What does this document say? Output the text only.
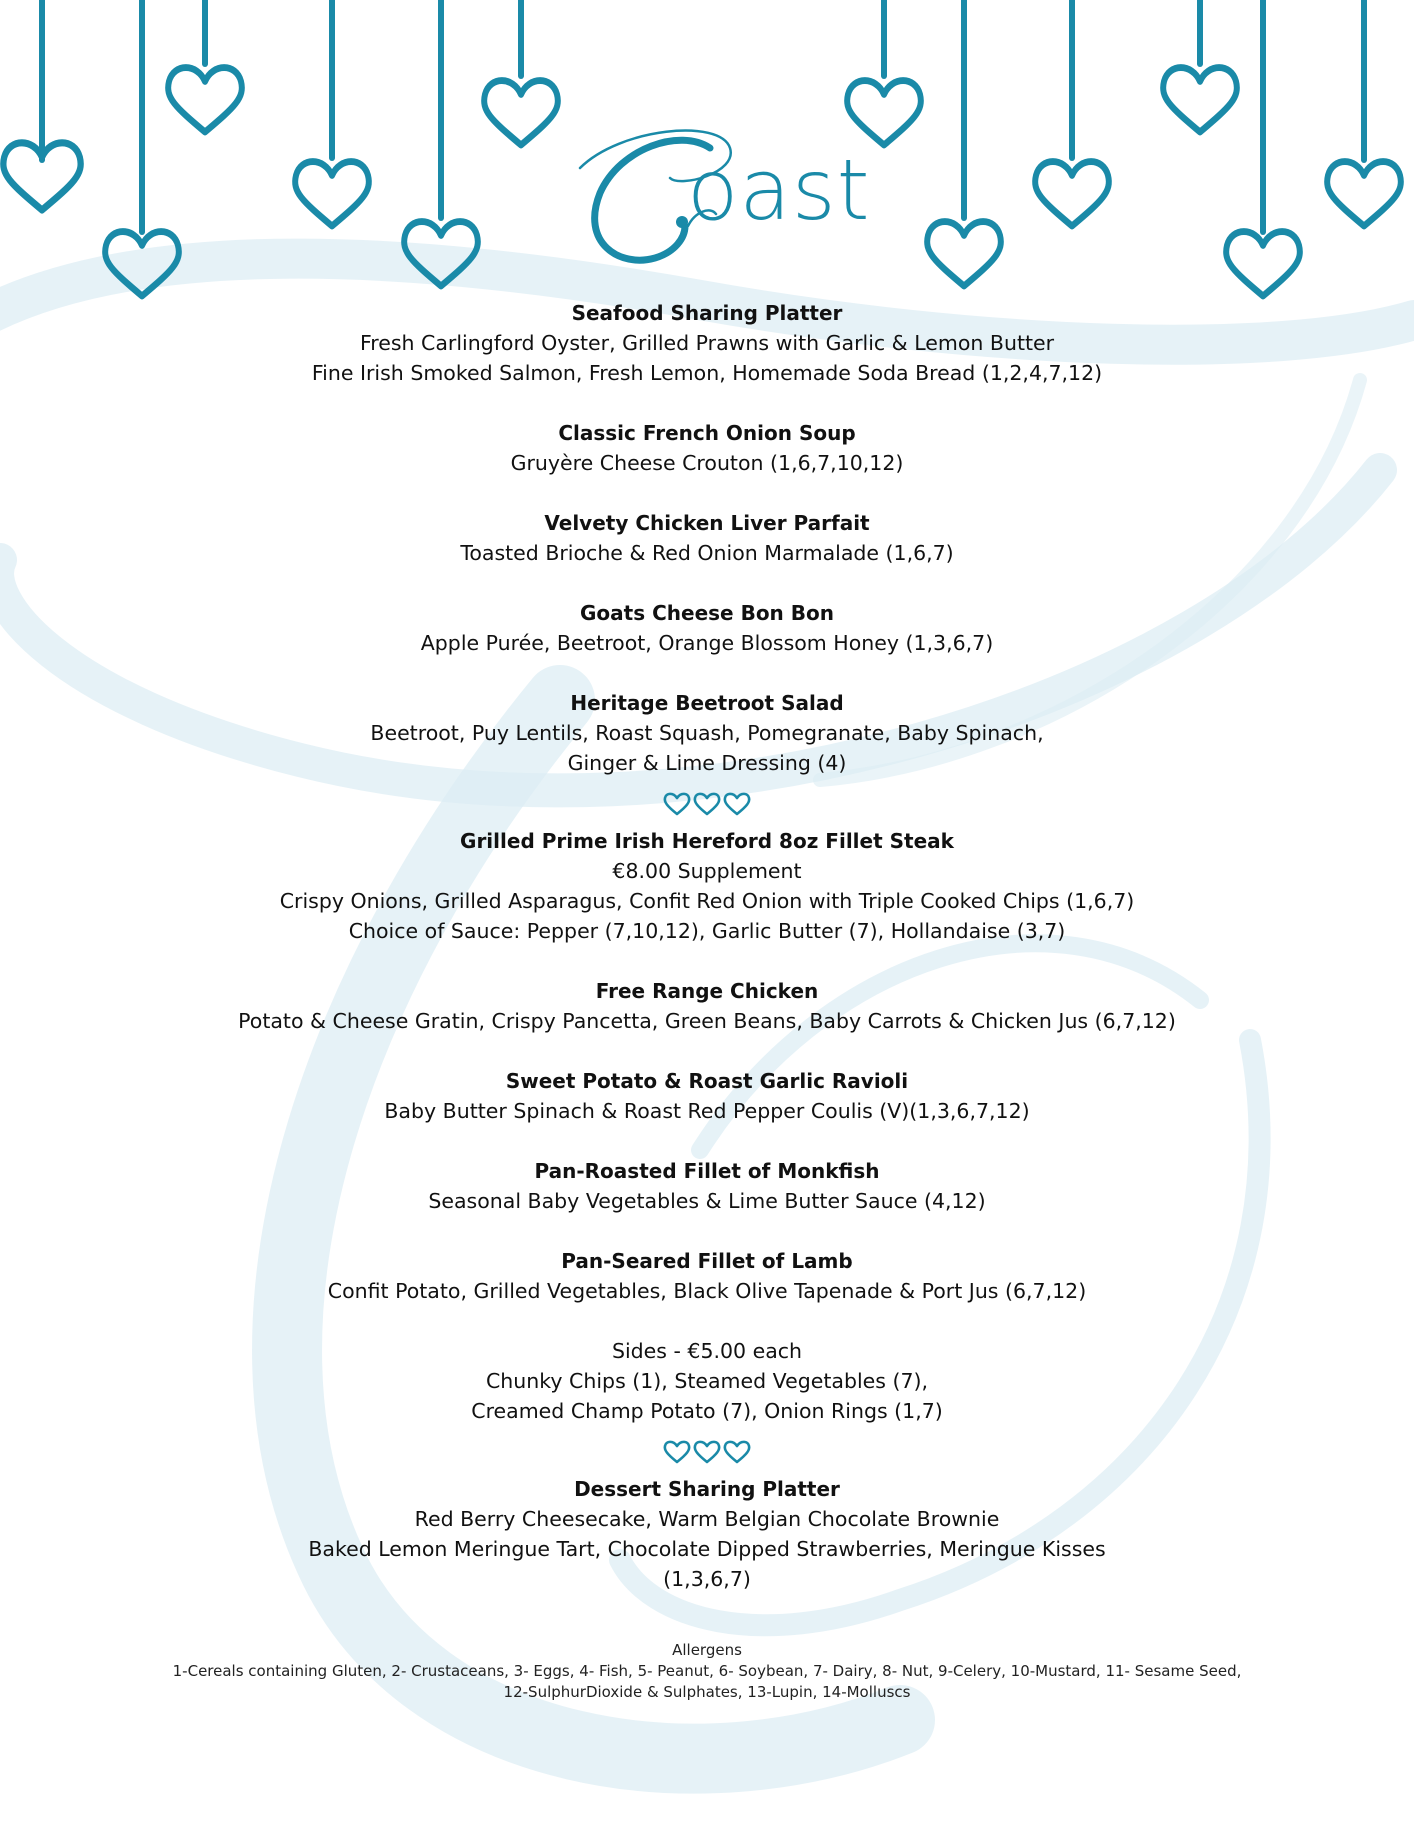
oast
Seafood Sharing Platter
Fresh Carlingford Oyster, Grilled Prawns with Garlic & Lemon Butter
Fine Irish Smoked Salmon, Fresh Lemon, Homemade Soda Bread (1,2,4,7,12)
Classic French Onion Soup
Gruyère Cheese Crouton (1,6,7,10,12)
Velvety Chicken Liver Parfait
Toasted Brioche & Red Onion Marmalade (1,6,7)
Goats Cheese Bon Bon
Apple Purée, Beetroot, Orange Blossom Honey (1,3,6,7)
Heritage Beetroot Salad
Beetroot, Puy Lentils, Roast Squash, Pomegranate, Baby Spinach,
Ginger & Lime Dressing (4)
Grilled Prime Irish Hereford 8oz Fillet Steak
€8.00 Supplement
Crispy Onions, Grilled Asparagus, Confit Red Onion with Triple Cooked Chips (1,6,7)
Choice of Sauce: Pepper (7,10,12), Garlic Butter (7), Hollandaise (3,7)
Free Range Chicken
Potato & Cheese Gratin, Crispy Pancetta, Green Beans, Baby Carrots & Chicken Jus (6,7,12)
Sweet Potato & Roast Garlic Ravioli
Baby Butter Spinach & Roast Red Pepper Coulis (V)(1,3,6,7,12)
Pan-Roasted Fillet of Monkfish
Seasonal Baby Vegetables & Lime Butter Sauce (4,12)
Pan-Seared Fillet of Lamb
Confit Potato, Grilled Vegetables, Black Olive Tapenade & Port Jus (6,7,12)
Sides - €5.00 each
Chunky Chips (1), Steamed Vegetables (7),
Creamed Champ Potato (7), Onion Rings (1,7)
Dessert Sharing Platter
Red Berry Cheesecake, Warm Belgian Chocolate Brownie
Baked Lemon Meringue Tart, Chocolate Dipped Strawberries, Meringue Kisses
(1,3,6,7)
Allergens
1-Cereals containing Gluten, 2- Crustaceans, 3- Eggs, 4- Fish, 5- Peanut, 6- Soybean, 7- Dairy, 8- Nut, 9-Celery, 10-Mustard, 11- Sesame Seed,
12-SulphurDioxide & Sulphates, 13-Lupin, 14-Molluscs
